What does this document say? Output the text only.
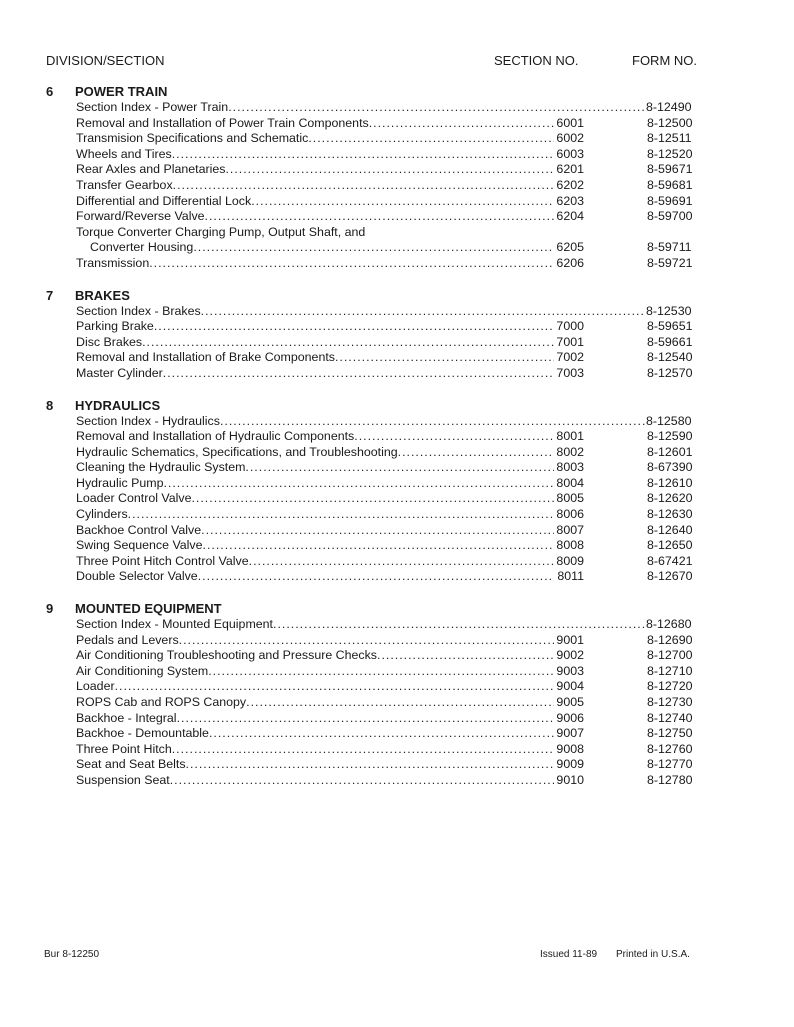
DIVISION/SECTION	SECTION NO.	FORM NO.
6 POWER TRAIN
Section Index - Power Train .....	8-12490
Removal and Installation of Power Train Components .....	6001	8-12500
Transmision Specifications and Schematic .....	6002	8-12511
Wheels and Tires .....	6003	8-12520
Rear Axles and Planetaries .....	6201	8-59671
Transfer Gearbox .....	6202	8-59681
Differential and Differential Lock .....	6203	8-59691
Forward/Reverse Valve .....	6204	8-59700
Torque Converter Charging Pump, Output Shaft, and
Converter Housing .....	6205	8-59711
Transmission .....	6206	8-59721
7 BRAKES
Section Index - Brakes .....	8-12530
Parking Brake .....	7000	8-59651
Disc Brakes .....	7001	8-59661
Removal and Installation of Brake Components .....	7002	8-12540
Master Cylinder .....	7003	8-12570
8 HYDRAULICS
Section Index - Hydraulics .....	8-12580
Removal and Installation of Hydraulic Components .....	8001	8-12590
Hydraulic Schematics, Specifications, and Troubleshooting .....	8002	8-12601
Cleaning the Hydraulic System .....	8003	8-67390
Hydraulic Pump .....	8004	8-12610
Loader Control Valve .....	8005	8-12620
Cylinders .....	8006	8-12630
Backhoe Control Valve .....	8007	8-12640
Swing Sequence Valve .....	8008	8-12650
Three Point Hitch Control Valve .....	8009	8-67421
Double Selector Valve .....	8011	8-12670
9 MOUNTED EQUIPMENT
Section Index - Mounted Equipment .....	8-12680
Pedals and Levers .....	9001	8-12690
Air Conditioning Troubleshooting and Pressure Checks .....	9002	8-12700
Air Conditioning System .....	9003	8-12710
Loader .....	9004	8-12720
ROPS Cab and ROPS Canopy .....	9005	8-12730
Backhoe - Integral .....	9006	8-12740
Backhoe - Demountable .....	9007	8-12750
Three Point Hitch .....	9008	8-12760
Seat and Seat Belts .....	9009	8-12770
Suspension Seat .....	9010	8-12780
Bur 8-12250	Issued 11-89 Printed in U.S.A.
